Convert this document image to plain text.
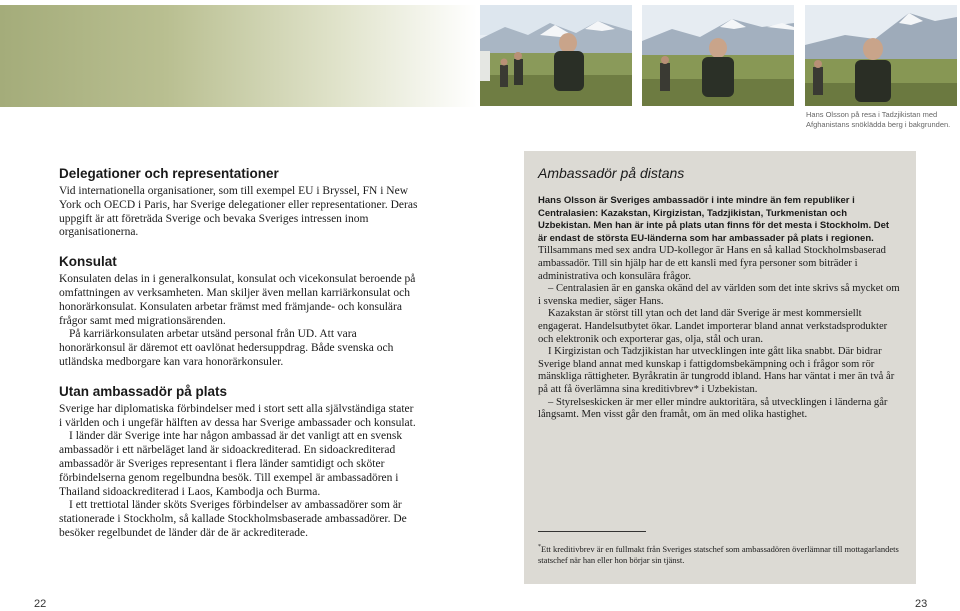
Hans Olsson på resa i Tadzjikistan med Afghanistans snöklädda berg i bakgrunden.
Delegationer och representationer

Vid internationella organisationer, som till exempel EU i Bryssel, FN i New York och OECD i Paris, har Sverige delegationer eller representationer. Deras uppgift är att företräda Sverige och bevaka Sveriges intressen inom organisationerna.

Konsulat

Konsulaten delas in i generalkonsulat, konsulat och vicekonsulat beroende på omfattningen av verksamheten. Man skiljer även mellan karriärkonsulat och honorärkonsulat. Konsulaten arbetar främst med främjande- och konsulära frågor samt med migrationsärenden.

På karriärkonsulaten arbetar utsänd personal från UD. Att vara honorärkonsul är däremot ett oavlönat hedersuppdrag. Både svenska och utländska medborgare kan vara honorärkonsuler.

Utan ambassadör på plats

Sverige har diplomatiska förbindelser med i stort sett alla självständiga stater i världen och i ungefär hälften av dessa har Sverige ambassader och konsulat.

I länder där Sverige inte har någon ambassad är det vanligt att en svensk ambassadör i ett närbeläget land är sidoackrediterad. En sidoackrediterad ambassadör är Sveriges representant i flera länder samtidigt och sköter förbindelserna genom regelbundna besök. Till exempel är ambassadören i Thailand sidoackrediterad i Laos, Kambodja och Burma.

I ett trettiotal länder sköts Sveriges förbindelser av ambassadörer som är stationerade i Stockholm, så kallade Stockholmsbaserade ambassadörer. De besöker regelbundet de länder där de är ackrediterade.

Ambassadör på distans

Hans Olsson är Sveriges ambassadör i inte mindre än fem republiker i Centralasien: Kazakstan, Kirgizistan, Tadzjikistan, Turkmenistan och Uzbekistan. Men han är inte på plats utan finns för det mesta i Stockholm. Det är endast de största EU-länderna som har ambassader på plats i regionen.

Tillsammans med sex andra UD-kollegor är Hans en så kallad Stockholmsbaserad ambassadör. Till sin hjälp har de ett kansli med fyra personer som biträder i administrativa och konsulära frågor.

– Centralasien är en ganska okänd del av världen som det inte skrivs så mycket om i svenska medier, säger Hans.

Kazakstan är störst till ytan och det land där Sverige är mest kommersiellt engagerat. Handelsutbytet ökar. Landet importerar bland annat verkstadsprodukter och elektronik och exporterar gas, olja, stål och uran.

I Kirgizistan och Tadzjikistan har utvecklingen inte gått lika snabbt. Där bidrar Sverige bland annat med kunskap i fattigdomsbekämpning och i frågor som rör mänskliga rättigheter. Byråkratin är tungrodd ibland. Hans har väntat i mer än två år på att få överlämna sina kreditivbrev* i Uzbekistan.

– Styrelseskicken är mer eller mindre auktoritära, så utvecklingen i länderna går långsamt. Men visst går den framåt, om än med olika hastighet.

*Ett kreditivbrev är en fullmakt från Sveriges statschef som ambassadören överlämnar till mottagarlandets statschef när han eller hon börjar sin tjänst.
22	23
